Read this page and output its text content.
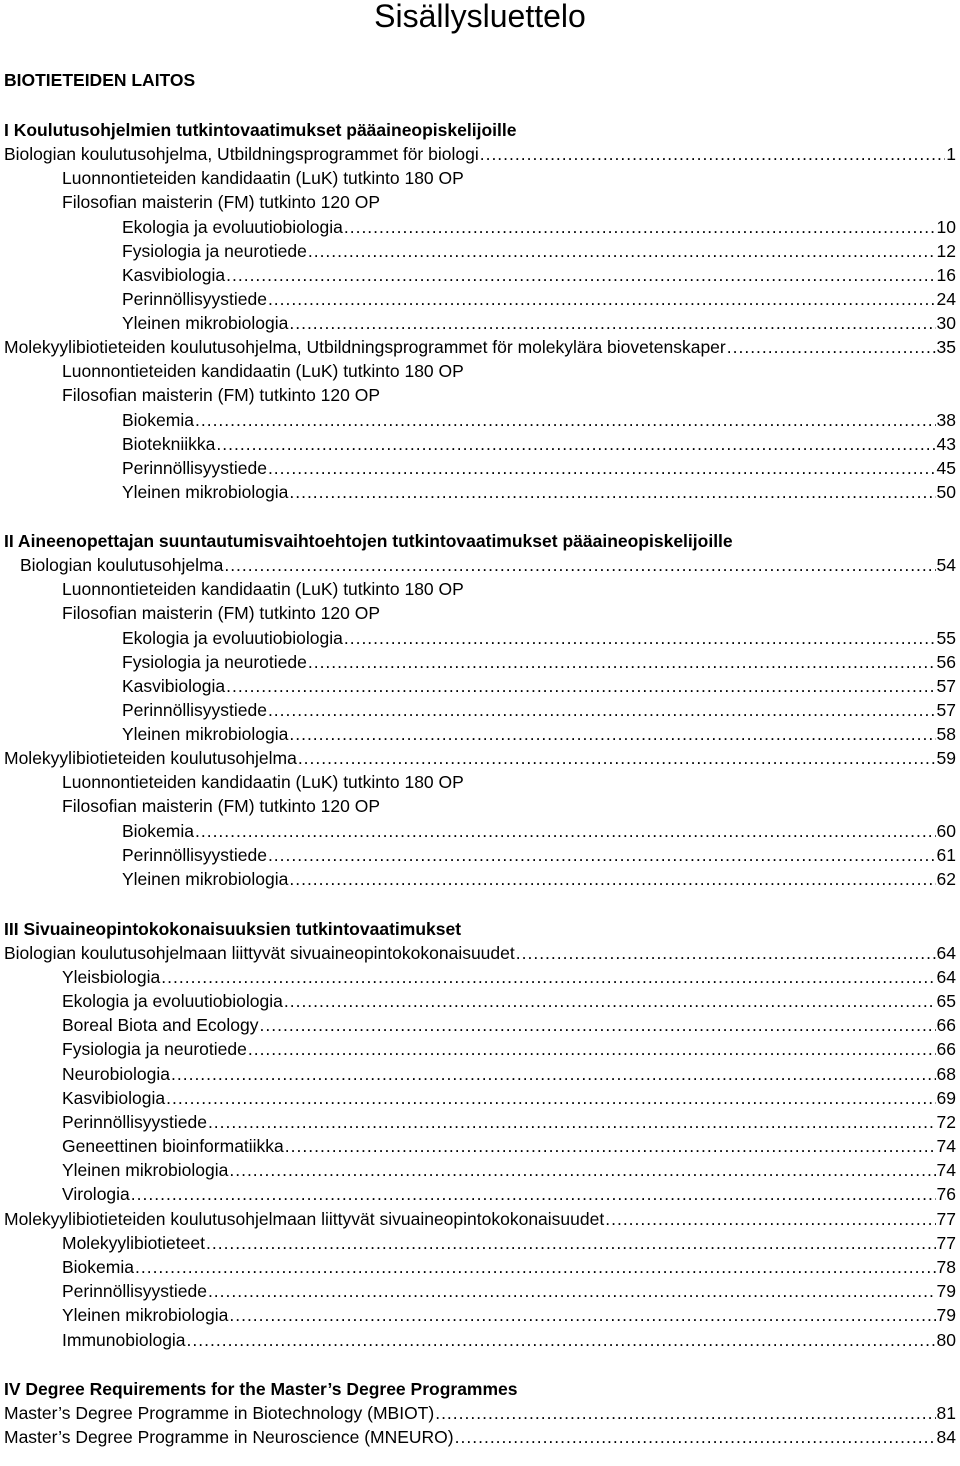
Sisällysluettelo
BIOTIETEIDEN LAITOS
I Koulutusohjelmien tutkintovaatimukset pääaineopiskelijoille
Biologian koulutusohjelma, Utbildningsprogrammet för biologi .....	1
Luonnontieteiden kandidaatin (LuK) tutkinto 180 OP
Filosofian maisterin (FM) tutkinto 120 OP
Ekologia ja evoluutiobiologia .....	10
Fysiologia ja neurotiede .....	12
Kasvibiologia .....	16
Perinnöllisyystiede .....	24
Yleinen mikrobiologia .....	30
Molekyylibiotieteiden koulutusohjelma, Utbildningsprogrammet för molekylära biovetenskaper .....	35
Luonnontieteiden kandidaatin (LuK) tutkinto 180 OP
Filosofian maisterin (FM) tutkinto 120 OP
Biokemia .....	38
Biotekniikka .....	43
Perinnöllisyystiede .....	45
Yleinen mikrobiologia .....	50
II Aineenopettajan suuntautumisvaihtoehtojen tutkintovaatimukset pääaineopiskelijoille
Biologian koulutusohjelma .....	54
Luonnontieteiden kandidaatin (LuK) tutkinto 180 OP
Filosofian maisterin (FM) tutkinto 120 OP
Ekologia ja evoluutiobiologia .....	55
Fysiologia ja neurotiede .....	56
Kasvibiologia .....	57
Perinnöllisyystiede .....	57
Yleinen mikrobiologia .....	58
Molekyylibiotieteiden koulutusohjelma .....	59
Luonnontieteiden kandidaatin (LuK) tutkinto 180 OP
Filosofian maisterin (FM) tutkinto 120 OP
Biokemia .....	60
Perinnöllisyystiede .....	61
Yleinen mikrobiologia .....	62
III Sivuaineopintokokonaisuuksien tutkintovaatimukset
Biologian koulutusohjelmaan liittyvät sivuaineopintokokonaisuudet .....	64
Yleisbiologia .....	64
Ekologia ja evoluutiobiologia .....	65
Boreal Biota and Ecology .....	66
Fysiologia ja neurotiede .....	66
Neurobiologia .....	68
Kasvibiologia .....	69
Perinnöllisyystiede .....	72
Geneettinen bioinformatiikka .....	74
Yleinen mikrobiologia .....	74
Virologia .....	76
Molekyylibiotieteiden koulutusohjelmaan liittyvät sivuaineopintokokonaisuudet .....	77
Molekyylibiotieteet .....	77
Biokemia .....	78
Perinnöllisyystiede .....	79
Yleinen mikrobiologia .....	79
Immunobiologia .....	80
IV Degree Requirements for the Master’s Degree Programmes
Master’s Degree Programme in Biotechnology (MBIOT) .....	81
Master’s Degree Programme in Neuroscience (MNEURO) .....	84
